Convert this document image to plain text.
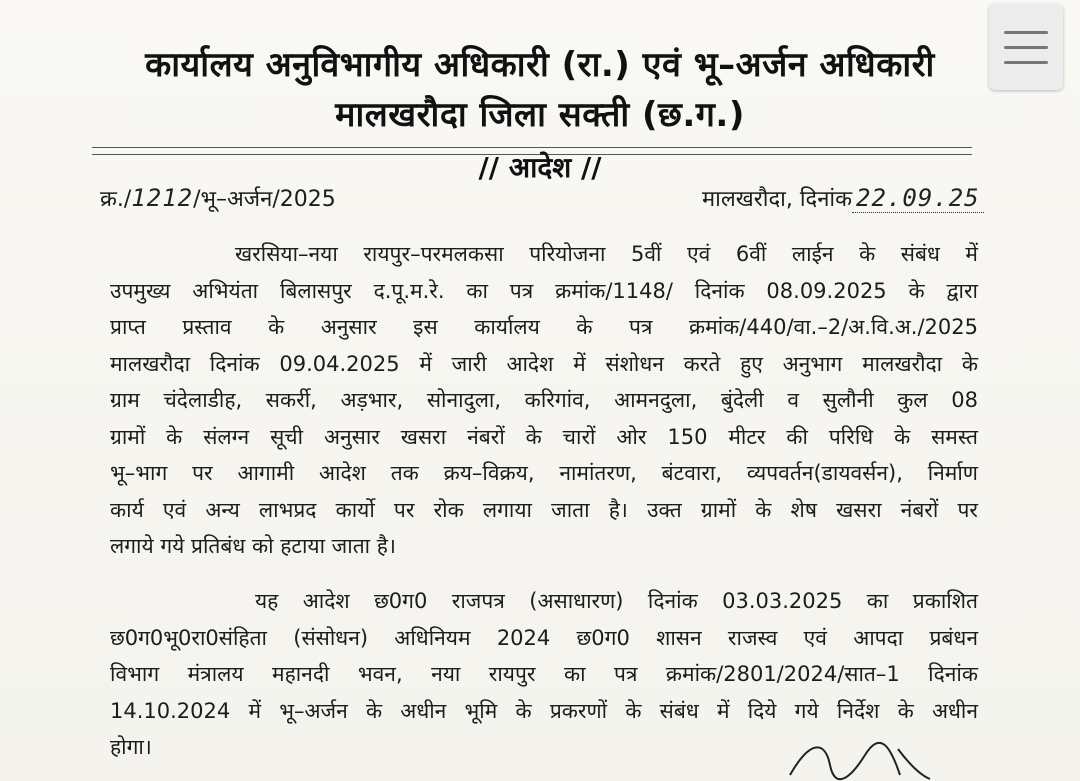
कार्यालय अनुविभागीय अधिकारी (रा.) एवं भू–अर्जन अधिकारी
मालखरौदा जिला सक्ती (छ.ग.)
// आदेश //
क्र./1212/भू–अर्जन/2025	मालखरौदा, दिनांक 22.09.25
खरसिया–नया रायपुर–परमलकसा परियोजना 5वीं एवं 6वीं लाईन के संबंध में
उपमुख्य अभियंता बिलासपुर द.पू.म.रे. का पत्र क्रमांक/1148/ दिनांक 08.09.2025 के द्वारा
प्राप्त प्रस्ताव के अनुसार इस कार्यालय के पत्र क्रमांक/440/वा.–2/अ.वि.अ./2025
मालखरौदा दिनांक 09.04.2025 में जारी आदेश में संशोधन करते हुए अनुभाग मालखरौदा के
ग्राम चंदेलाडीह, सकर्री, अड़भार, सोनादुला, करिगांव, आमनदुला, बुंदेली व सुलौनी कुल 08
ग्रामों के संलग्न सूची अनुसार खसरा नंबरों के चारों ओर 150 मीटर की परिधि के समस्त
भू–भाग पर आगामी आदेश तक क्रय–विक्रय, नामांतरण, बंटवारा, व्यपवर्तन(डायवर्सन), निर्माण
कार्य एवं अन्य लाभप्रद कार्यो पर रोक लगाया जाता है। उक्त ग्रामों के शेष खसरा नंबरों पर
लगाये गये प्रतिबंध को हटाया जाता है।
यह आदेश छ0ग0 राजपत्र (असाधारण) दिनांक 03.03.2025 का प्रकाशित
छ0ग0भू0रा0संहिता (संसोधन) अधिनियम 2024 छ0ग0 शासन राजस्व एवं आपदा प्रबंधन
विभाग मंत्रालय महानदी भवन, नया रायपुर का पत्र क्रमांक/2801/2024/सात–1 दिनांक
14.10.2024 में भू–अर्जन के अधीन भूमि के प्रकरणों के संबंध में दिये गये निर्देश के अधीन
होगा।
